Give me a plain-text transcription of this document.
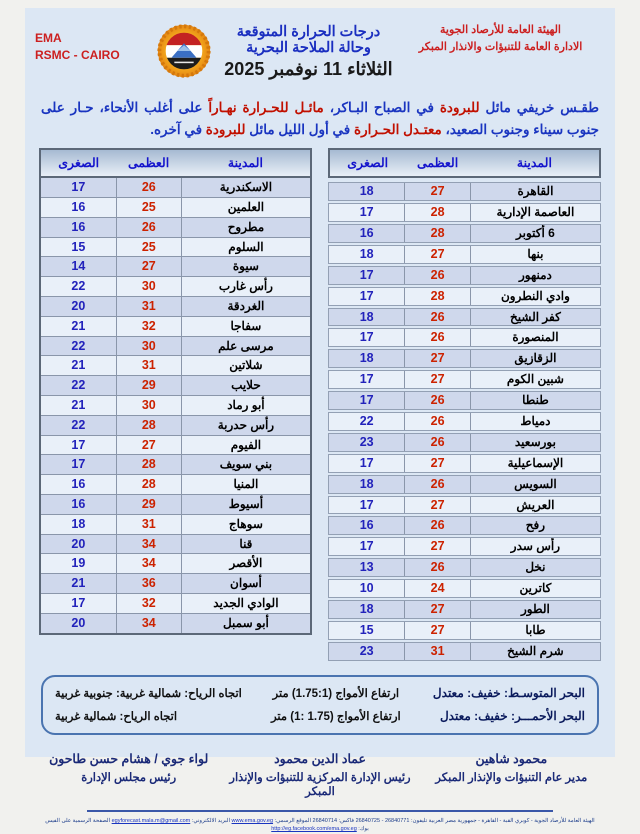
الهيئة العامة للأرصاد الجوية
الادارة العامة للتنبؤات والانذار المبكر
درجات الحرارة المتوقعة وحالة الملاحة البحرية
الثلاثاء 11 نوفمبر 2025
EMA
RSMC - CAIRO
طقـس خريفي مائل للبرودة في الصباح البـاكر، مائـل للحـرارة نهـاراً على أغلب الأنحاء، حـار على جنوب سيناء وجنوب الصعيد، معتـدل الحـرارة في أول الليل مائل للبرودة في آخره.
المدينة
العظمى
الصغرى
القاهرة
27
18
العاصمة الإدارية
28
17
6 أكتوبر
28
16
بنها
27
18
دمنهور
26
17
وادي النطرون
28
17
كفر الشيخ
26
18
المنصورة
26
17
الزقازيق
27
18
شبين الكوم
27
17
طنطا
26
17
دمياط
26
22
بورسعيد
26
23
الإسماعيلية
27
17
السويس
26
18
العريش
27
17
رفح
26
16
رأس سدر
27
17
نخل
26
13
كاترين
24
10
الطور
27
18
طابا
27
15
شرم الشيخ
31
23
المدينة
العظمى
الصغرى
الاسكندرية
26
17
العلمين
25
16
مطروح
26
16
السلوم
25
15
سيوة
27
14
رأس غارب
30
22
الغردقة
31
20
سفاجا
32
21
مرسى علم
30
22
شلاتين
31
21
حلايب
29
22
أبو رماد
30
21
رأس حدربة
28
22
الفيوم
27
17
بني سويف
28
17
المنيا
28
16
أسيوط
29
16
سوهاج
31
18
قنا
34
20
الأقصر
34
19
أسوان
36
21
الوادي الجديد
32
17
أبو سمبل
34
20
البحر المتوسـط: خفيف: معتدل
ارتفاع الأمواج (1.75:1) متر
اتجاه الرياح: شمالية غربية: جنوبية غربية
البحر الأحمـــر: خفيف: معتدل
ارتفاع الأمواج (1: 1.75) متر
اتجاه الرياح: شمالية غربية
محمود شاهين
مدير عام التنبؤات والإنذار المبكر
عماد الدين محمود
رئيس الإدارة المركزية للتنبؤات والإنذار المبكر
لواء جوي / هشام حسن طاحون
رئيس مجلس الإدارة
الهيئة العامة للأرصاد الجوية - كوبري القبة - القاهرة - جمهورية مصر العربية تليفون: 26840771 - 26840725 فاكس: 26840714 الموقع الرسمي: www.ema.gov.eg البريد الالكتروني: egyforecast.mala.m@gmail.com الصفحة الرسمية على الفيس بوك: http://eg.facebook.com/ema.gov.eg
